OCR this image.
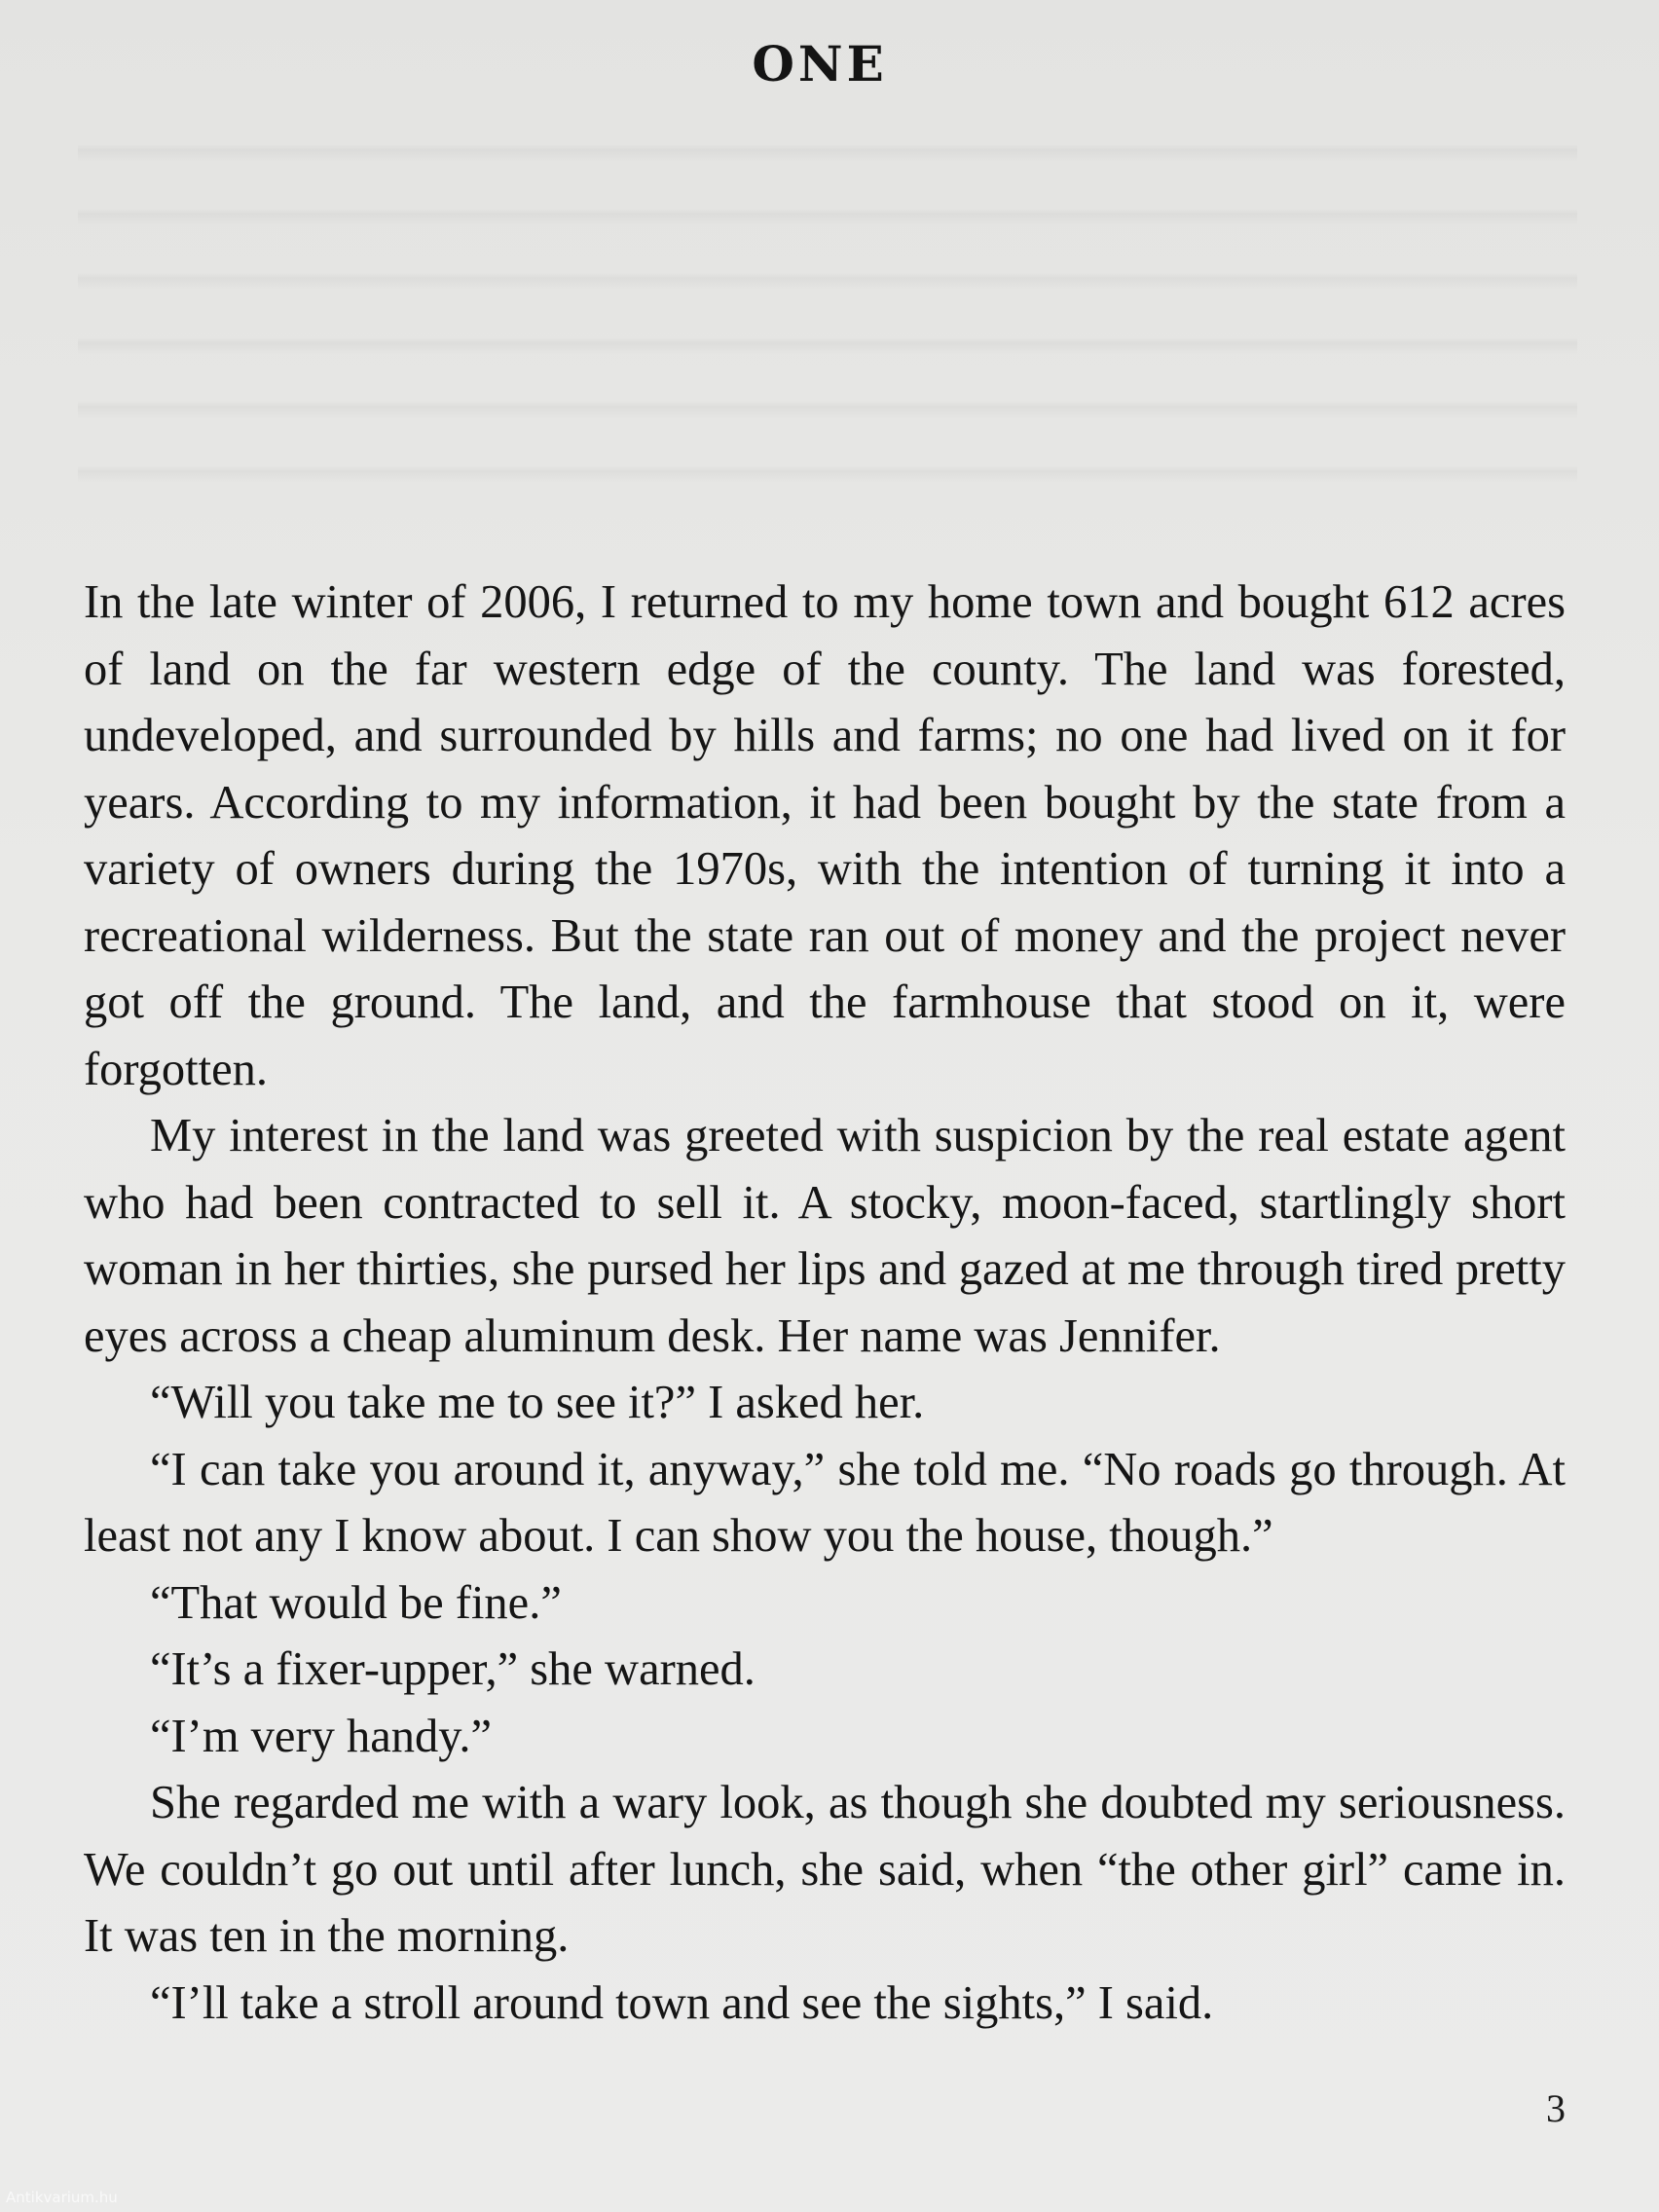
ONE

In the late winter of 2006, I returned to my home town and bought 612 acres of land on the far western edge of the county. The land was forested, undeveloped, and surrounded by hills and farms; no one had lived on it for years. According to my information, it had been bought by the state from a variety of owners during the 1970s, with the intention of turning it into a recreational wilderness. But the state ran out of money and the project never got off the ground. The land, and the farmhouse that stood on it, were forgotten.

My interest in the land was greeted with suspicion by the real estate agent who had been contracted to sell it. A stocky, moon-faced, startlingly short woman in her thirties, she pursed her lips and gazed at me through tired pretty eyes across a cheap aluminum desk. Her name was Jennifer.

“Will you take me to see it?” I asked her.

“I can take you around it, anyway,” she told me. “No roads go through. At least not any I know about. I can show you the house, though.”

“That would be fine.”

“It’s a fixer-upper,” she warned.

“I’m very handy.”

She regarded me with a wary look, as though she doubted my seriousness. We couldn’t go out until after lunch, she said, when “the other girl” came in. It was ten in the morning.

“I’ll take a stroll around town and see the sights,” I said.

3
Antikvarium.hu
